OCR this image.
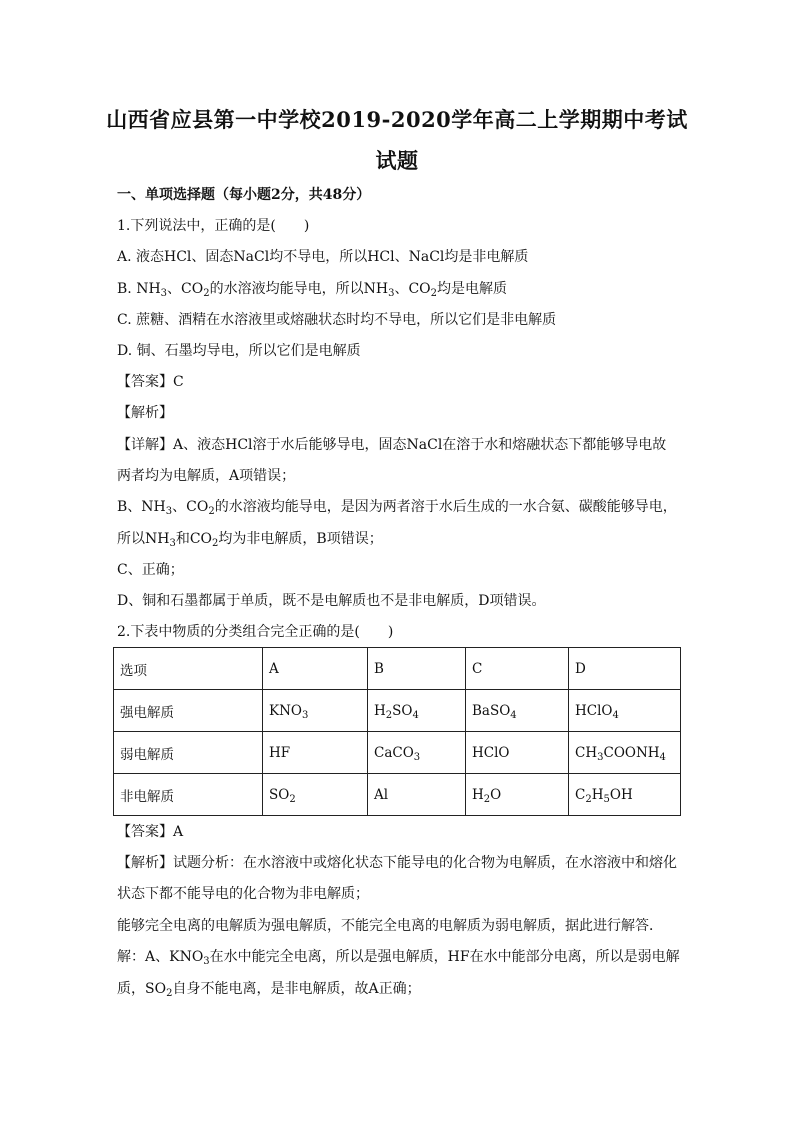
山西省应县第一中学校2019-2020学年高二上学期期中考试
试题
一、单项选择题（每小题2分，共48分）
1.下列说法中，正确的是(　　)
A. 液态HCl、固态NaCl均不导电，所以HCl、NaCl均是非电解质
B. $NH_3$、$CO_2$的水溶液均能导电，所以$NH_3$、$CO_2$均是电解质
C. 蔗糖、酒精在水溶液里或熔融状态时均不导电，所以它们是非电解质
D. 铜、石墨均导电，所以它们是电解质
【答案】C
【解析】
【详解】A、液态HCl溶于水后能够导电，固态NaCl在溶于水和熔融状态下都能够导电故
两者均为电解质，A项错误；
B、$NH_3$、$CO_2$的水溶液均能导电，是因为两者溶于水后生成的一水合氨、碳酸能够导电，
所以$NH_3$和$CO_2$均为非电解质，B项错误；
C、正确；
D、铜和石墨都属于单质，既不是电解质也不是非电解质，D项错误。
2.下表中物质的分类组合完全正确的是(　　)
选项	A	B	C	D
强电解质	$KNO_3$	$H_2SO_4$	BaSO$_4$	HClO$_4$
弱电解质	HF	CaCO$_3$	HClO	$CH_3COONH_4$
非电解质	$SO_2$	Al	$H_2O$	$C_2H_5OH$
【答案】A
【解析】试题分析：在水溶液中或熔化状态下能导电的化合物为电解质，在水溶液中和熔化
状态下都不能导电的化合物为非电解质；
能够完全电离的电解质为强电解质，不能完全电离的电解质为弱电解质，据此进行解答．
解：A、$KNO_3$在水中能完全电离，所以是强电解质，HF在水中能部分电离，所以是弱电解
质，$SO_2$自身不能电离，是非电解质，故A正确；
